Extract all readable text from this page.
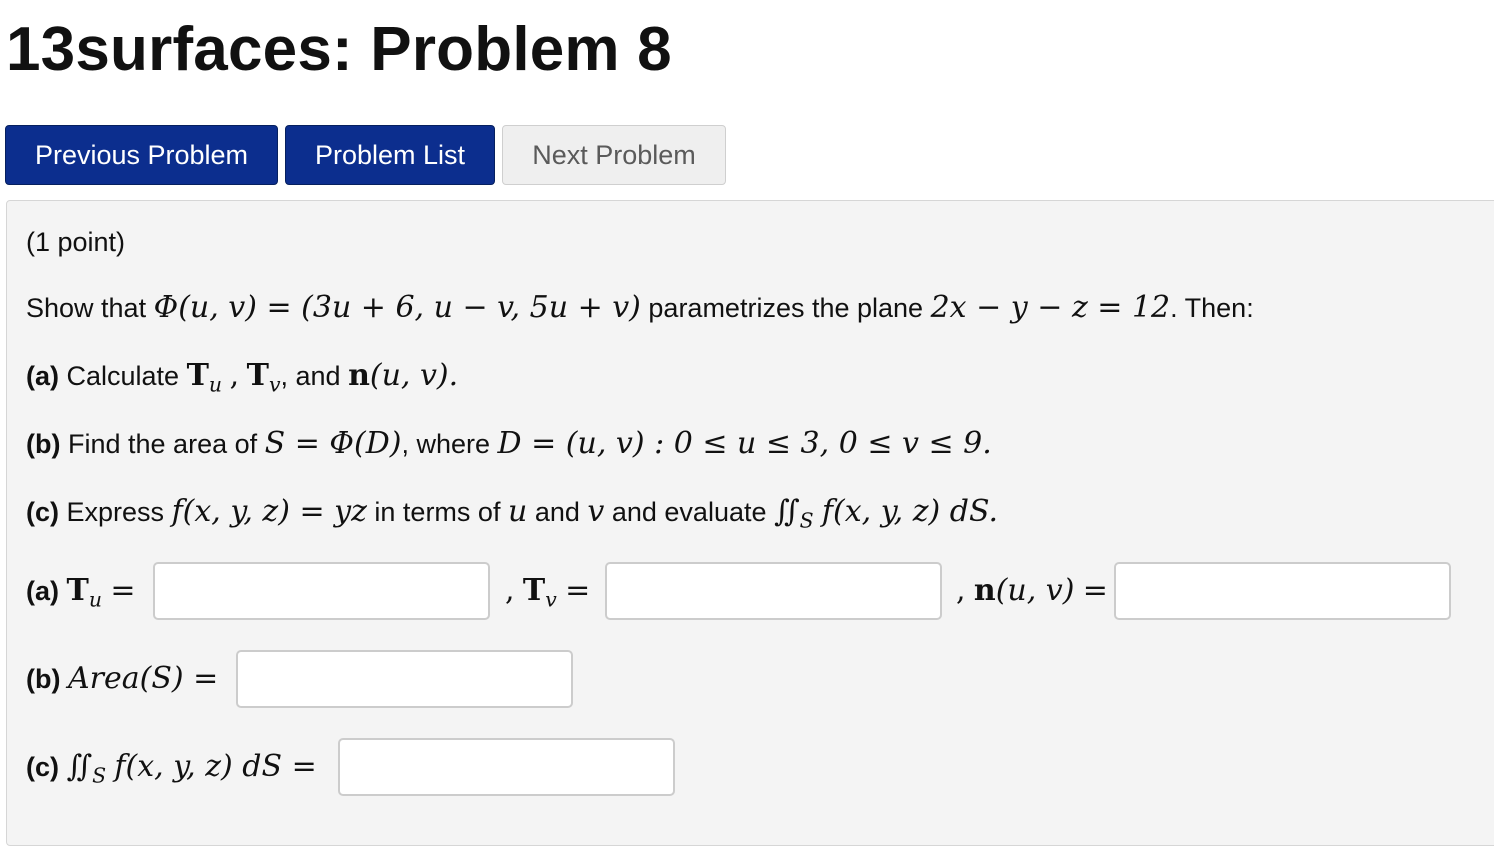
13surfaces: Problem 8
Previous Problem	Problem List	Next Problem
(1 point)
Show that Φ(u, v) = (3u + 6, u − v, 5u + v) parametrizes the plane 2x − y − z = 12. Then:
(a) Calculate $T_u$ , $T_v$, and n(u, v).
(b) Find the area of S = Φ(D), where D = (u, v) : 0 ≤ u ≤ 3, 0 ≤ v ≤ 9.
(c) Express f(x, y, z) = yz in terms of u and v and evaluate $∬_S$ f(x, y, z) dS.
(a) $T_u$ =	, $T_v$ =	, n(u, v) =
(b) Area(S) =
(c) $∬_S$ f(x, y, z) dS =
